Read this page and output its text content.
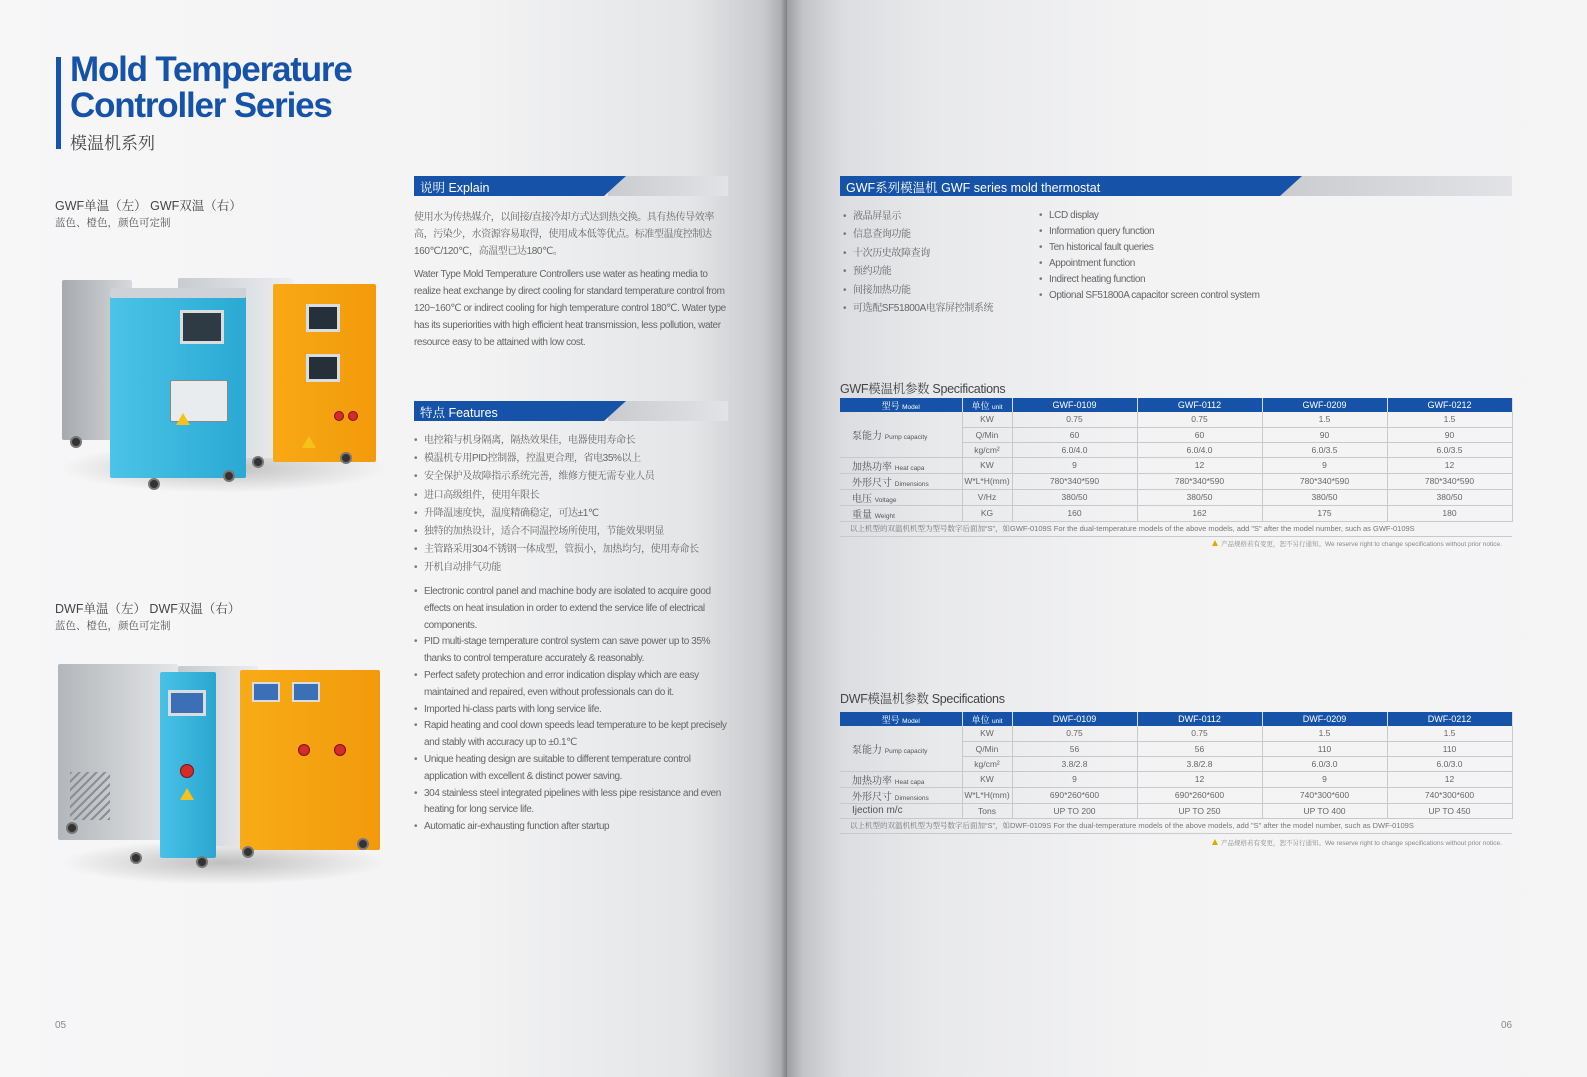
Mold Temperature
Controller Series
模温机系列
GWF单温（左） GWF双温（右）
蓝色、橙色，颜色可定制
DWF单温（左） DWF双温（右）
蓝色、橙色，颜色可定制
说明 Explain
使用水为传热媒介，以间接/直接冷却方式达到热交换。具有热传导效率高，污染少，水资源容易取得，使用成本低等优点。标准型温度控制达160℃/120℃，高温型已达180℃。
Water Type Mold Temperature Controllers use water as heating media to realize heat exchange by direct cooling for standard temperature control from 120~160℃ or indirect cooling for high temperature control 180℃. Water type has its superiorities with high efficient heat transmission, less pollution, water resource easy to be attained with low cost.
特点 Features
• 电控箱与机身隔离，隔热效果佳，电器使用寿命长
• 模温机专用PID控制器，控温更合理，省电35%以上
• 安全保护及故障指示系统完善，维修方便无需专业人员
• 进口高级组件，使用年限长
• 升降温速度快，温度精确稳定，可达±1℃
• 独特的加热设计，适合不同温控场所使用，节能效果明显
• 主管路采用304不锈钢一体成型，管损小，加热均匀，使用寿命长
• 开机自动排气功能
• Electronic control panel and machine body are isolated to acquire good effects on heat insulation in order to extend the service life of electrical components.
• PID multi-stage temperature control system can save power up to 35% thanks to control temperature accurately & reasonably.
• Perfect safety protechion and error indication display which are easy maintained and repaired, even without professionals can do it.
• Imported hi-class parts with long service life.
• Rapid heating and cool down speeds lead temperature to be kept precisely and stably with accuracy up to ±0.1℃
• Unique heating design are suitable to different temperature control application with excellent & distinct power saving.
• 304 stainless steel integrated pipelines with less pipe resistance and even heating for long service life.
• Automatic air-exhausting function after startup
05
GWF系列模温机 GWF series mold thermostat
• 液晶屏显示
• 信息查询功能
• 十次历史故障查询
• 预约功能
• 间接加热功能
• 可选配SF51800A电容屏控制系统
• LCD display
• Information query function
• Ten historical fault queries
• Appointment function
• Indirect heating function
• Optional SF51800A capacitor screen control system
GWF模温机参数 Specifications
型号 Model	单位 unit	GWF-0109	GWF-0112	GWF-0209	GWF-0212
泵能力 Pump capacity	KW	0.75	0.75	1.5	1.5
	Q/Min	60	60	90	90
	kg/cm²	6.0/4.0	6.0/4.0	6.0/3.5	6.0/3.5
加热功率 Heat capa	KW	9	12	9	12
外形尺寸 Dimensions	W*L*H(mm)	780*340*590	780*340*590	780*340*590	780*340*590
电压 Voltage	V/Hz	380/50	380/50	380/50	380/50
重量 Weight	KG	160	162	175	180
以上机型的双温机机型为型号数字后面加“S”，如GWF-0109S For the dual-temperature models of the above models, add "S" after the model number, such as GWF-0109S					
产品规格若有变更，恕不另行通知。We reserve right to change specifications without prior notice.
DWF模温机参数 Specifications
型号 Model	单位 unit	DWF-0109	DWF-0112	DWF-0209	DWF-0212
泵能力 Pump capacity	KW	0.75	0.75	1.5	1.5
	Q/Min	56	56	110	110
	kg/cm²	3.8/2.8	3.8/2.8	6.0/3.0	6.0/3.0
加热功率 Heat capa	KW	9	12	9	12
外形尺寸 Dimensions	W*L*H(mm)	690*260*600	690*260*600	740*300*600	740*300*600
Ijection m/c	Tons	UP TO 200	UP TO 250	UP TO 400	UP TO 450
以上机型的双温机机型为型号数字后面加“S”，如DWF-0109S For the dual-temperature models of the above models, add "S" after the model number, such as DWF-0109S					
产品规格若有变更，恕不另行通知。We reserve right to change specifications without prior notice.
06
